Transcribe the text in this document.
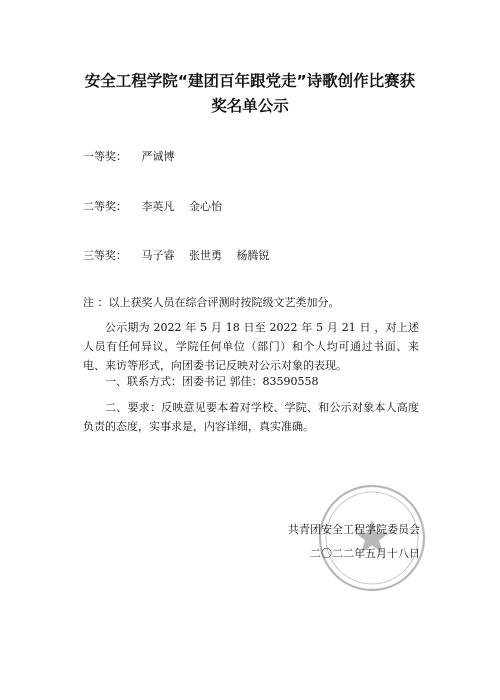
安全工程学院“建团百年跟党走”诗歌创作比赛获
奖名单公示
一等奖： 严诚博
二等奖： 李英凡 金心怡
三等奖： 马子睿 张世勇 杨腾锐

注 ：以上获奖人员在综合评测时按院级文艺类加分。

公示期为 2022 年 5 月 18 日至 2022 年 5 月 21 日 ，对上述人员有任何异议，学院任何单位（部门）和个人均可通过书面、来电、来访等形式，向团委书记反映对公示对象的表现。

一、联系方式：团委书记 郭佳：83590558

二、要求：反映意见要本着对学校、学院、和公示对象本人高度负责的态度，实事求是，内容详细，真实准确。

共青团安全工程学院委员会
二〇二二年五月十八日
